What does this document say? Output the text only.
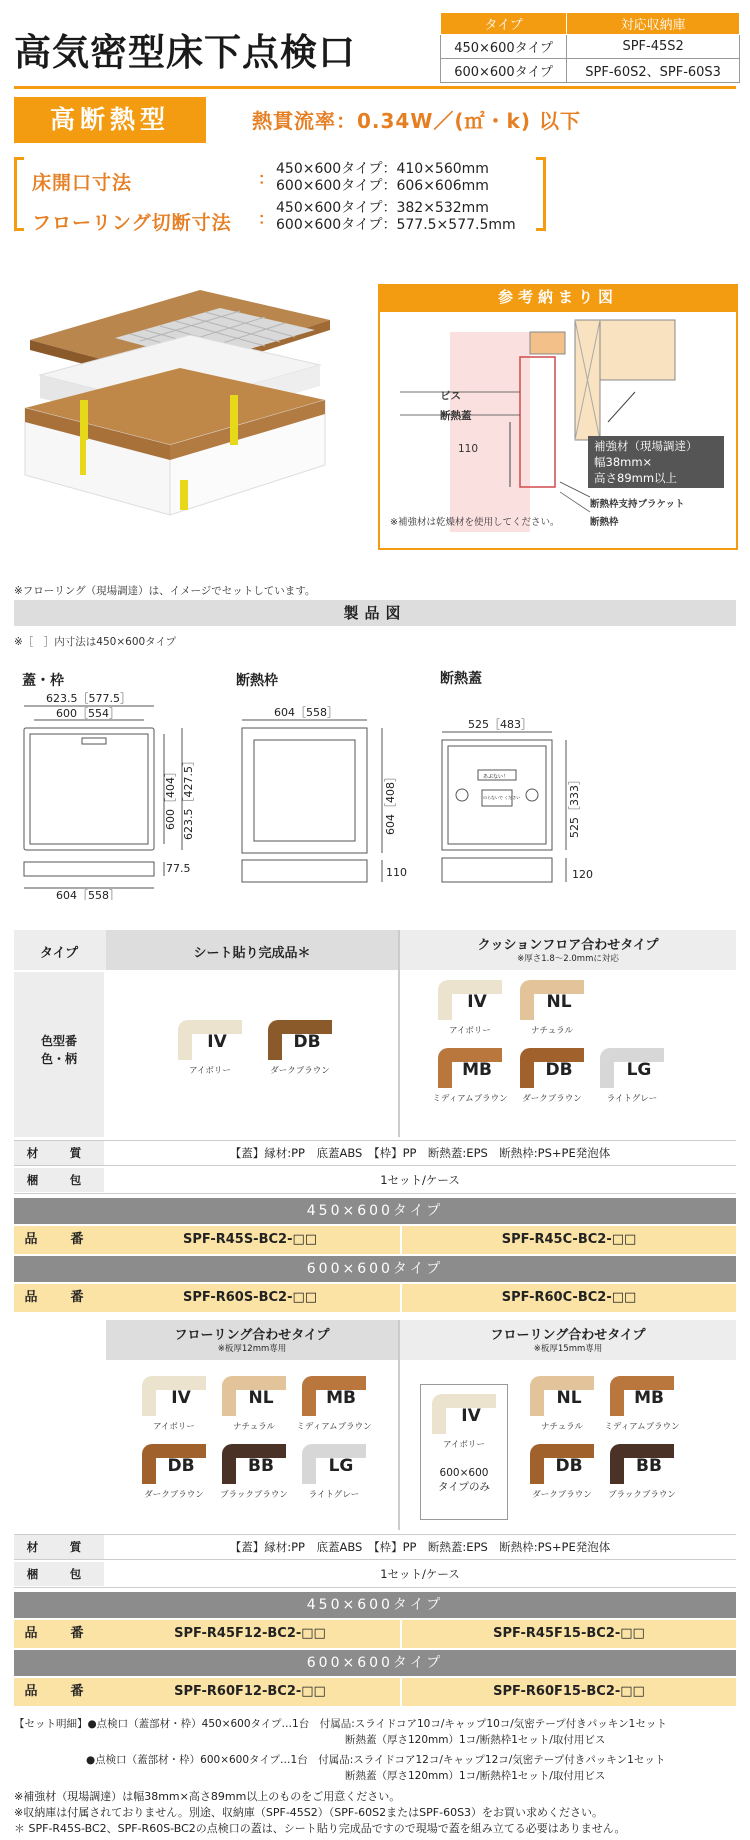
高気密型床下点検口
タイプ	対応収納庫
450×600タイプ	SPF-45S2
600×600タイプ	SPF-60S2、SPF-60S3
高断熱型	熱貫流率：0.34W／(㎡・k) 以下
床開口寸法	： 450×600タイプ：410×560mm
600×600タイプ：606×606mm
フローリング切断寸法 ：
450×600タイプ：382×532mm
600×600タイプ：577.5×577.5mm
※フローリング（現場調達）は、イメージでセットしています。
参考納まり図
ビス
断熱蓋
110	補強材（現場調達）
幅38mm×
高さ89mm以上
断熱枠支持ブラケット
断熱枠
※補強材は乾燥材を使用してください。
製品図
※［　］内寸法は450×600タイプ
蓋・枠
623.5［577.5］
600［554］
604［558］
77.5
600［404］ 623.5［427.5］
断熱枠
604［558］
604［408］
110
断熱蓋
525［483］
525［333］
120
あぶない！
のらないで ください
タイプ	シート貼り完成品＊
クッションフロア合わせタイプ
※厚さ1.8～2.0mmに対応
色型番
色・柄
材　質	【蓋】縁材:PP　底蓋ABS　【枠】PP　断熱蓋:EPS　断熱枠:PS+PE発泡体
梱　包	1セット/ケース
450×600タイプ
品　番	SPF-R45S-BC2-□□	SPF-R45C-BC2-□□
600×600タイプ
品　番	SPF-R60S-BC2-□□	SPF-R60C-BC2-□□
フローリング合わせタイプ
※板厚12mm専用
フローリング合わせタイプ
※板厚15mm専用
600×600
タイプのみ
材　質	【蓋】縁材:PP　底蓋ABS　【枠】PP　断熱蓋:EPS　断熱枠:PS+PE発泡体
梱　包	1セット/ケース
450×600タイプ
品　番	SPF-R45F12-BC2-□□	SPF-R45F15-BC2-□□
600×600タイプ
品　番	SPF-R60F12-BC2-□□	SPF-R60F15-BC2-□□
【セット明細】●点検口（蓋部材・枠）450×600タイプ…1台　付属品:スライドコア10コ/キャップ10コ/気密テープ付きパッキン1セット
断熱蓋（厚さ120mm）1コ/断熱枠1セット/取付用ビス
●点検口（蓋部材・枠）600×600タイプ…1台　付属品:スライドコア12コ/キャップ12コ/気密テープ付きパッキン1セット
断熱蓋（厚さ120mm）1コ/断熱枠1セット/取付用ビス
※補強材（現場調達）は幅38mm×高さ89mm以上のものをご用意ください。
※収納庫は付属されておりません。別途、収納庫（SPF-45S2）（SPF-60S2またはSPF-60S3）をお買い求めください。
＊ SPF-R45S-BC2、SPF-R60S-BC2の点検口の蓋は、シート貼り完成品ですので現場で蓋を組み立てる必要はありません。
IV
アイボリー
DB
ダークブラウン
IV
アイボリー
NL
ナチュラル
MB
ミディアムブラウン
DB
ダークブラウン
LG
ライトグレー
IV
アイボリー
NL
ナチュラル
MB
ミディアムブラウン
DB
ダークブラウン
BB
ブラックブラウン
LG
ライトグレー
IV
アイボリー
NL
ナチュラル
MB
ミディアムブラウン
DB
ダークブラウン
BB
ブラックブラウン
